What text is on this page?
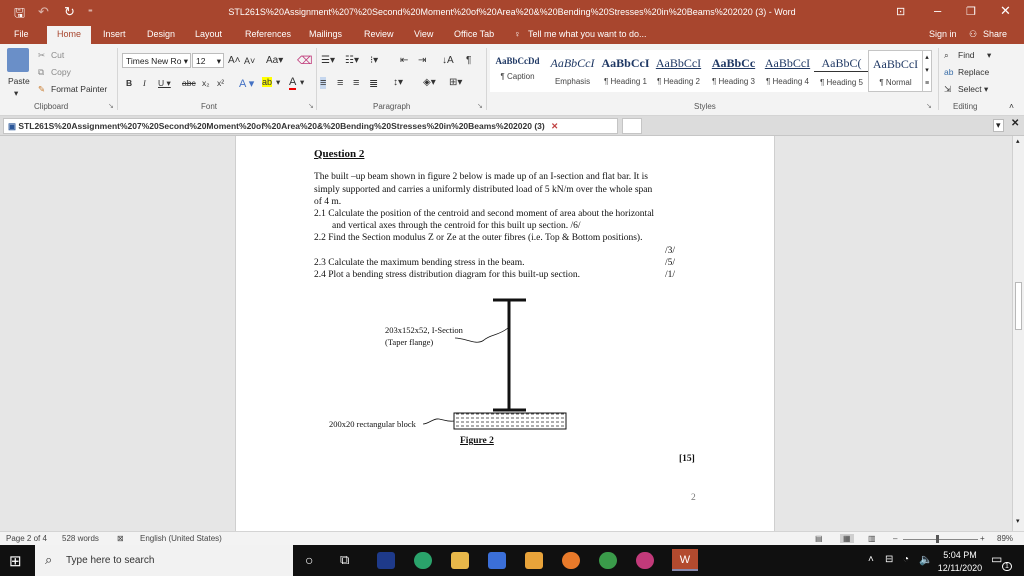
🖫 ↶ ↻ ⁼	STL261S%20Assignment%207%20Second%20Moment%20of%20Area%20&%20Bending%20Stresses%20in%20Beams%202020 (3) - Word	⊡ – ❐ ✕
File	Home	Insert Design Layout	References Mailings Review View Office Tab ♀ Tell me what you want to do...	Sign in ⚇ Share
Paste
▾
✂ Cut
⧉ Copy
✎ Format Painter
Clipboard	↘
Times New Ro ▾ 12 ▾ A˄ A˅ Aa▾ ⌫
B I U ▾ abc x₂ x² A ▾ ab ▾ A ▾
Font	↘
☰▾ ☷▾ ⁝▾ ⇤ ⇥ ↓A ¶
≡ ≡ ≡ ≣ ↕▾ ◈▾ ⊞▾
Paragraph	↘
AaBbCcDd
¶ Caption
AaBbCcI
Emphasis
AaBbCcI
¶ Heading 1
AaBbCcI
¶ Heading 2
AaBbCc
¶ Heading 3
AaBbCcI
¶ Heading 4
AaBbC(
¶ Heading 5
AaBbCcI
¶ Normal
▴
▾
≡
Styles	↘
⌕ Find ▾
ab Replace
⇲ Select ▾
Editing	˄
▣ STL261S%20Assignment%207%20Second%20Moment%20of%20Area%20&%20Bending%20Stresses%20in%20Beams%202020 (3) ✕	▾	✕
Question 2
The built –up beam shown in figure 2 below is made up of an I-section and flat bar. It is
simply supported and carries a uniformly distributed load of 5 kN/m over the whole span
of 4 m.
2.1 Calculate the position of the centroid and second moment of area about the horizontal
and vertical axes through the centroid for this built up section. /6/
2.2 Find the Section modulus Z or Ze at the outer fibres (i.e. Top & Bottom positions).
/3/
2.3 Calculate the maximum bending stress in the beam.	/5/
2.4 Plot a bending stress distribution diagram for this built-up section.	/1/
203x152x52, I-Section
(Taper flange)
200x20 rectangular block
Figure 2
[15]
2
▴
▾
Page 2 of 4 528 words ⊠ English (United States)	▤	▦	▥ –	+ 89%
⊞ ⌕ Type here to search	○ ⧉	W	˄ ⊟ ◔ 🔈	5:04 PM
12/11/2020
▭
1
